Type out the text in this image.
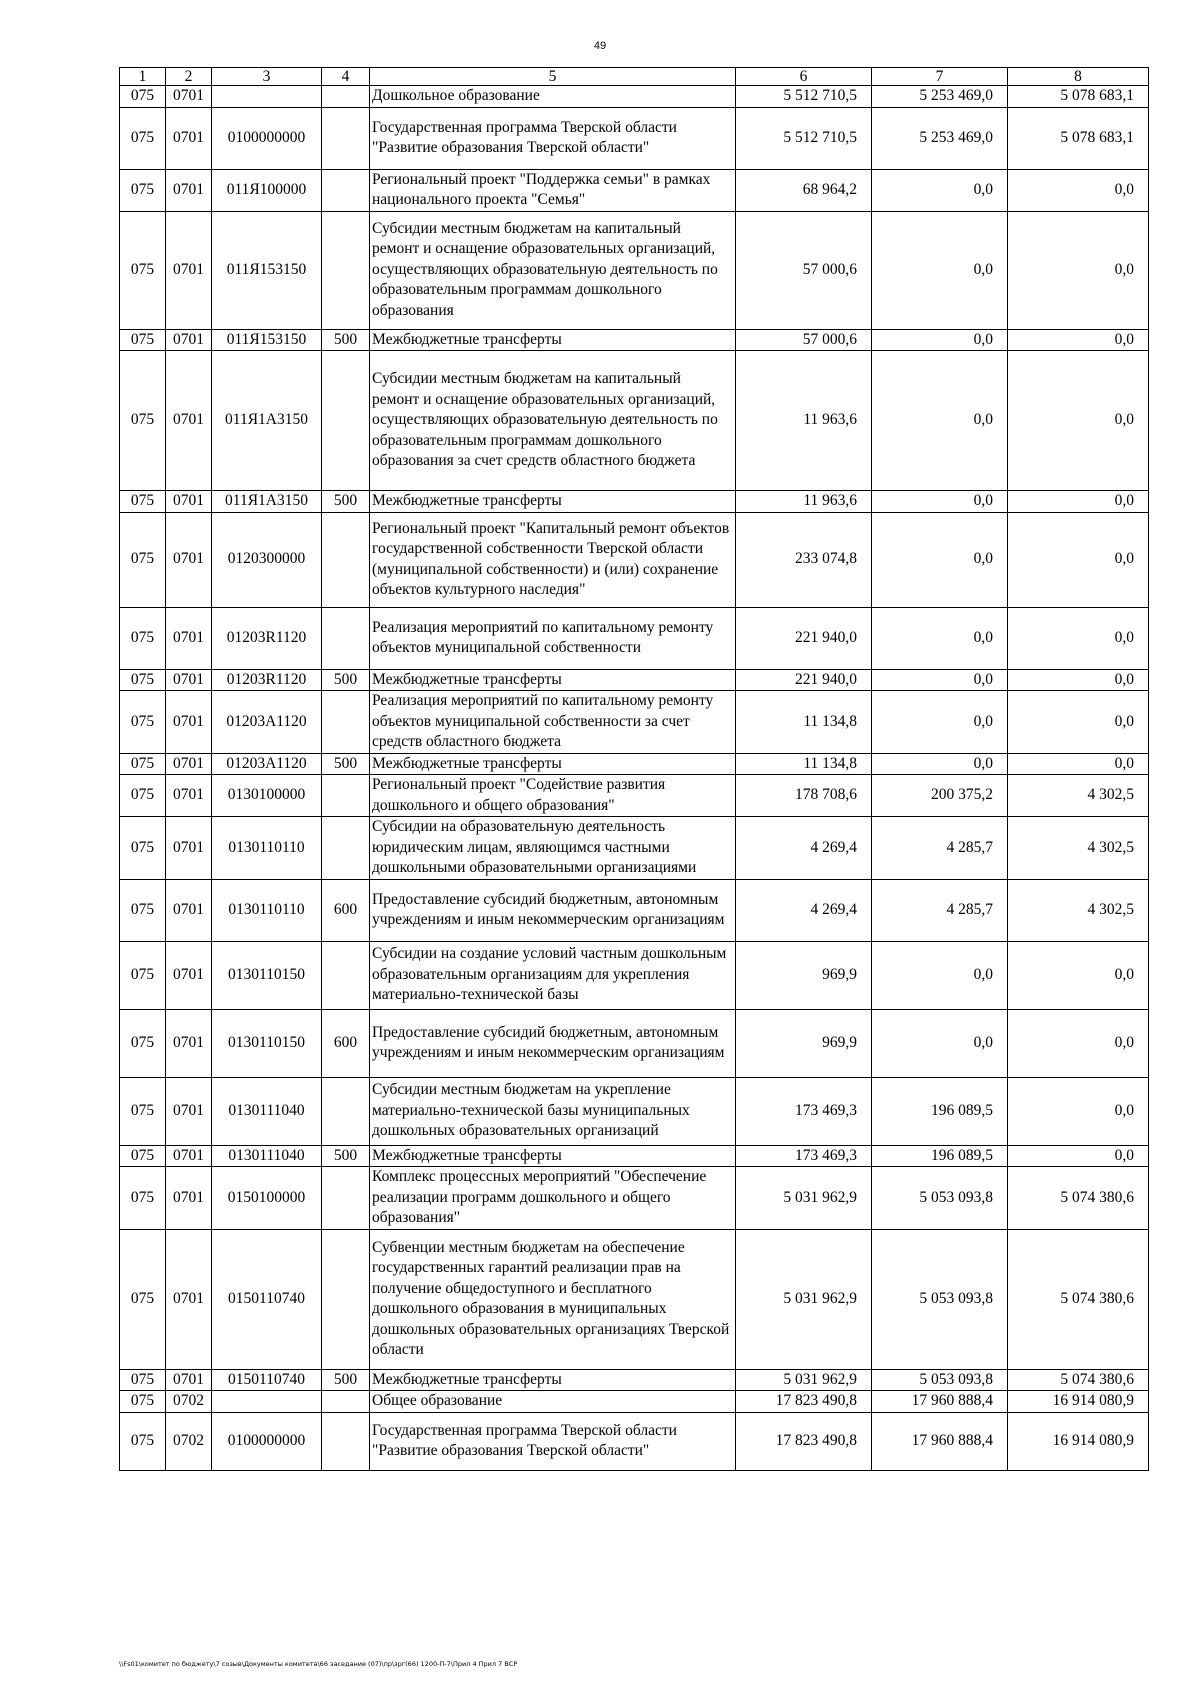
49
1	2	3	4	5	6	7	8
075	0701			Дошкольное образование	5 512 710,5	5 253 469,0	5 078 683,1
075	0701	0100000000		Государственная программа Тверской области "Развитие образования Тверской области"	5 512 710,5	5 253 469,0	5 078 683,1
075	0701	011Я100000		Региональный проект "Поддержка семьи" в рамках национального проекта "Семья"	68 964,2	0,0	0,0
075	0701	011Я153150		Субсидии местным бюджетам на капитальный ремонт и оснащение образовательных организаций, осуществляющих образовательную деятельность по образовательным программам дошкольного образования	57 000,6	0,0	0,0
075	0701	011Я153150	500	Межбюджетные трансферты	57 000,6	0,0	0,0
075	0701	011Я1А3150		Субсидии местным бюджетам на капитальный ремонт и оснащение образовательных организаций, осуществляющих образовательную деятельность по образовательным программам дошкольного образования за счет средств областного бюджета	11 963,6	0,0	0,0
075	0701	011Я1А3150	500	Межбюджетные трансферты	11 963,6	0,0	0,0
075	0701	0120300000		Региональный проект "Капитальный ремонт объектов государственной собственности Тверской области (муниципальной собственности) и (или) сохранение объектов культурного наследия"	233 074,8	0,0	0,0
075	0701	01203R1120		Реализация мероприятий по капитальному ремонту объектов муниципальной собственности	221 940,0	0,0	0,0
075	0701	01203R1120	500	Межбюджетные трансферты	221 940,0	0,0	0,0
075	0701	01203A1120		Реализация мероприятий по капитальному ремонту объектов муниципальной собственности за счет средств областного бюджета	11 134,8	0,0	0,0
075	0701	01203A1120	500	Межбюджетные трансферты	11 134,8	0,0	0,0
075	0701	0130100000		Региональный проект "Содействие развития дошкольного и общего образования"	178 708,6	200 375,2	4 302,5
075	0701	0130110110		Субсидии на образовательную деятельность юридическим лицам, являющимся частными дошкольными образовательными организациями	4 269,4	4 285,7	4 302,5
075	0701	0130110110	600	Предоставление субсидий бюджетным, автономным учреждениям и иным некоммерческим организациям	4 269,4	4 285,7	4 302,5
075	0701	0130110150		Субсидии на создание условий частным дошкольным образовательным организациям для укрепления материально-технической базы	969,9	0,0	0,0
075	0701	0130110150	600	Предоставление субсидий бюджетным, автономным учреждениям и иным некоммерческим организациям	969,9	0,0	0,0
075	0701	0130111040		Субсидии местным бюджетам на укрепление материально-технической базы муниципальных дошкольных образовательных организаций	173 469,3	196 089,5	0,0
075	0701	0130111040	500	Межбюджетные трансферты	173 469,3	196 089,5	0,0
075	0701	0150100000		Комплекс процессных мероприятий "Обеспечение реализации программ дошкольного и общего образования"	5 031 962,9	5 053 093,8	5 074 380,6
075	0701	0150110740		Субвенции местным бюджетам на обеспечение государственных гарантий реализации прав на получение общедоступного и бесплатного дошкольного образования в муниципальных дошкольных образовательных организациях Тверской области	5 031 962,9	5 053 093,8	5 074 380,6
075	0701	0150110740	500	Межбюджетные трансферты	5 031 962,9	5 053 093,8	5 074 380,6
075	0702			Общее образование	17 823 490,8	17 960 888,4	16 914 080,9
075	0702	0100000000		Государственная программа Тверской области "Развитие образования Тверской области"	17 823 490,8	17 960 888,4	16 914 080,9
\\Fs01\комитет по бюджету\7 созыв\Документы комитета\66 заседание (07)\пр\зрг(66) 1200-П-7\Прил 4 Прил 7 ВСР
